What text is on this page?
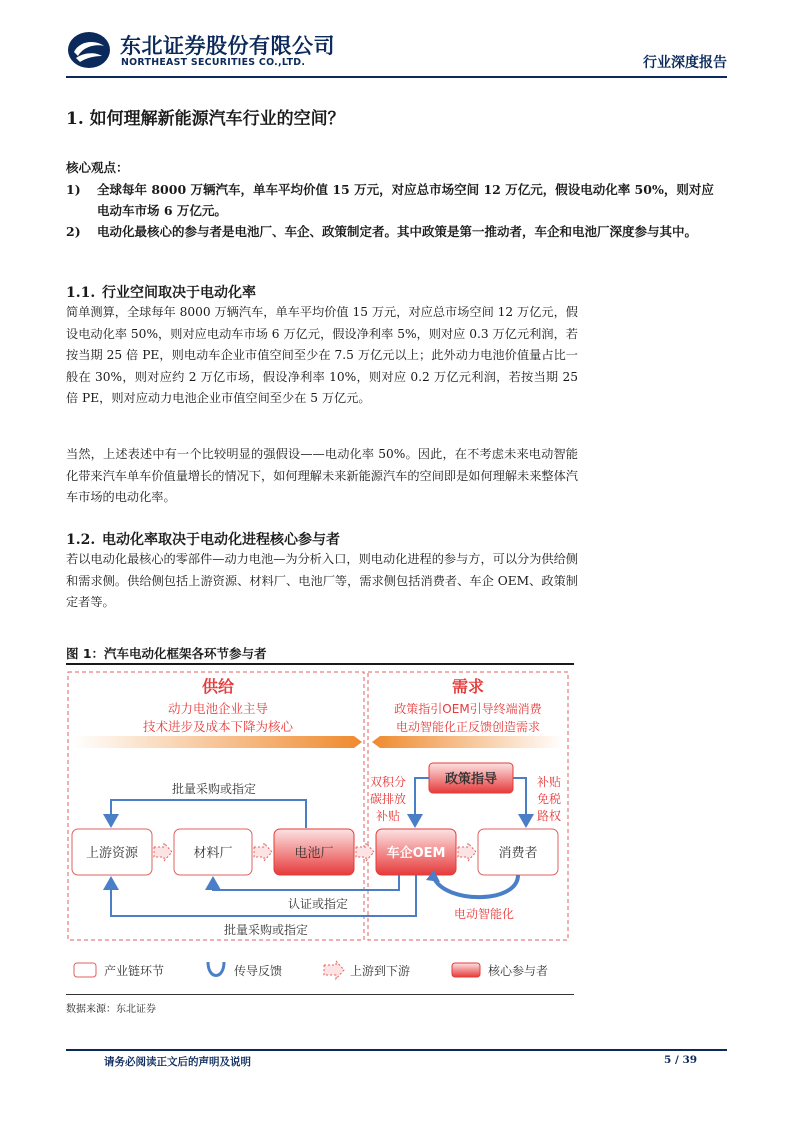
东北证券股份有限公司
NORTHEAST SECURITIES CO.,LTD.	行业深度报告
1. 如何理解新能源汽车行业的空间？
核心观点：
1) 全球每年 8000 万辆汽车，单车平均价值 15 万元，对应总市场空间 12 万亿元，假设电动化率 50%，则对应电动车市场 6 万亿元。
2) 电动化最核心的参与者是电池厂、车企、政策制定者。其中政策是第一推动者，车企和电池厂深度参与其中。
1.1. 行业空间取决于电动化率
简单测算，全球每年 8000 万辆汽车，单车平均价值 15 万元，对应总市场空间 12 万亿元，假设电动化率 50%，则对应电动车市场 6 万亿元，假设净利率 5%，则对应 0.3 万亿元利润，若按当期 25 倍 PE，则电动车企业市值空间至少在 7.5 万亿元以上；此外动力电池价值量占比一般在 30%，则对应约 2 万亿市场，假设净利率 10%，则对应 0.2 万亿元利润，若按当期 25 倍 PE，则对应动力电池企业市值空间至少在 5 万亿元。
当然，上述表述中有一个比较明显的强假设——电动化率 50%。因此，在不考虑未来电动智能化带来汽车单车价值量增长的情况下，如何理解未来新能源汽车的空间即是如何理解未来整体汽车市场的电动化率。
1.2. 电动化率取决于电动化进程核心参与者
若以电动化最核心的零部件—动力电池—为分析入口，则电动化进程的参与方，可以分为供给侧和需求侧。供给侧包括上游资源、材料厂、电池厂等，需求侧包括消费者、车企 OEM、政策制定者等。
图 1：汽车电动化框架各环节参与者
供给
动力电池企业主导
技术进步及成本下降为核心
需求
政策指引OEM引导终端消费
电动智能化正反馈创造需求
批量采购或指定
政策指导
双积分
碳排放
补贴
补贴
免税
路权
上游资源	材料厂	电池厂	车企OEM	消费者
认证或指定
批量采购或指定
电动智能化
产业链环节	传导反馈	上游到下游	核心参与者
数据来源：东北证券
请务必阅读正文后的声明及说明	5 / 39
